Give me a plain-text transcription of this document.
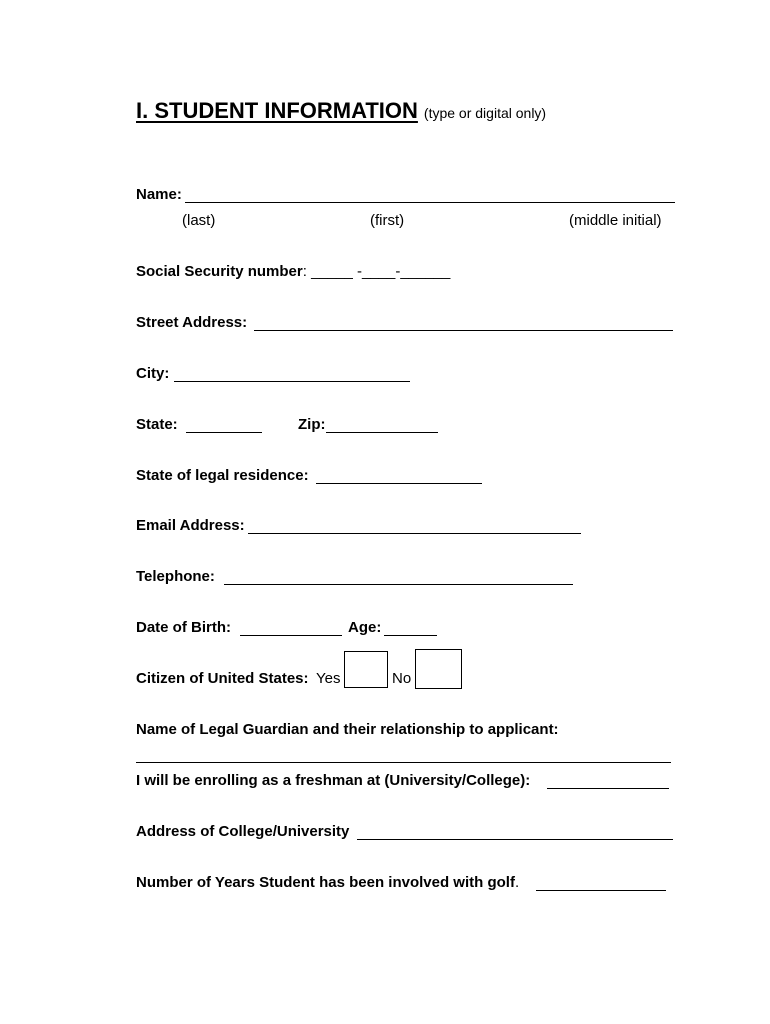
I. STUDENT INFORMATION (type or digital only)
Name:
(last)	(first)	(middle initial)
Social Security number: _____ -____-______
Street Address:
City:
State:	Zip:
State of legal residence:
Email Address:
Telephone:
Date of Birth:	Age:
Citizen of United States: Yes	No
Name of Legal Guardian and their relationship to applicant:
I will be enrolling as a freshman at (University/College):
Address of College/University
Number of Years Student has been involved with golf.
